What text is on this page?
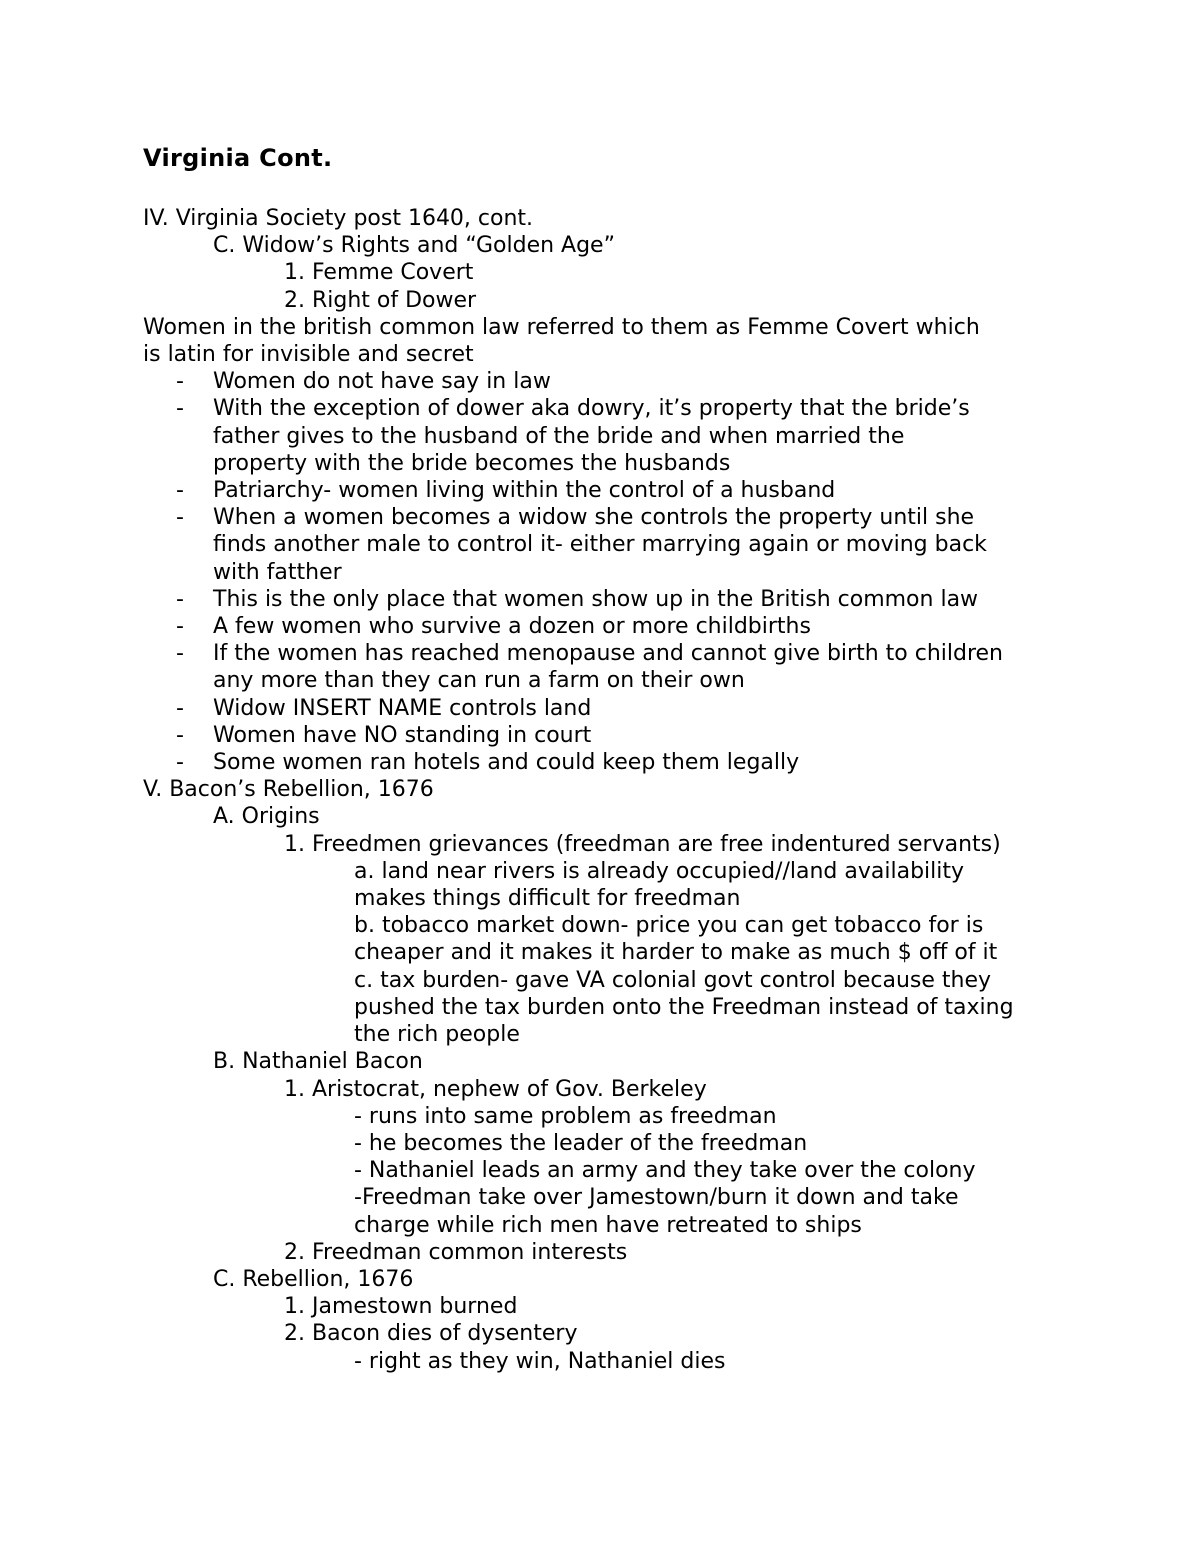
Virginia Cont.

IV. Virginia Society post 1640, cont.

C. Widow’s Rights and “Golden Age”

1. Femme Covert

2. Right of Dower

Women in the british common law referred to them as Femme Covert which
is latin for invisible and secret
- Women do not have say in law
- With the exception of dower aka dowry, it’s property that the bride’s
father gives to the husband of the bride and when married the
property with the bride becomes the husbands
- Patriarchy- women living within the control of a husband
- When a women becomes a widow she controls the property until she
finds another male to control it- either marrying again or moving back
with fatther
- This is the only place that women show up in the British common law
- A few women who survive a dozen or more childbirths
- If the women has reached menopause and cannot give birth to children
any more than they can run a farm on their own
- Widow INSERT NAME controls land
- Women have NO standing in court
- Some women ran hotels and could keep them legally

V. Bacon’s Rebellion, 1676

A. Origins

1. Freedmen grievances (freedman are free indentured servants)

a. land near rivers is already occupied//land availability

makes things difficult for freedman

b. tobacco market down- price you can get tobacco for is

cheaper and it makes it harder to make as much $ off of it

c. tax burden- gave VA colonial govt control because they

pushed the tax burden onto the Freedman instead of taxing

the rich people

B. Nathaniel Bacon

1. Aristocrat, nephew of Gov. Berkeley

- runs into same problem as freedman

- he becomes the leader of the freedman

- Nathaniel leads an army and they take over the colony

-Freedman take over Jamestown/burn it down and take

charge while rich men have retreated to ships

2. Freedman common interests

C. Rebellion, 1676

1. Jamestown burned

2. Bacon dies of dysentery

- right as they win, Nathaniel dies
